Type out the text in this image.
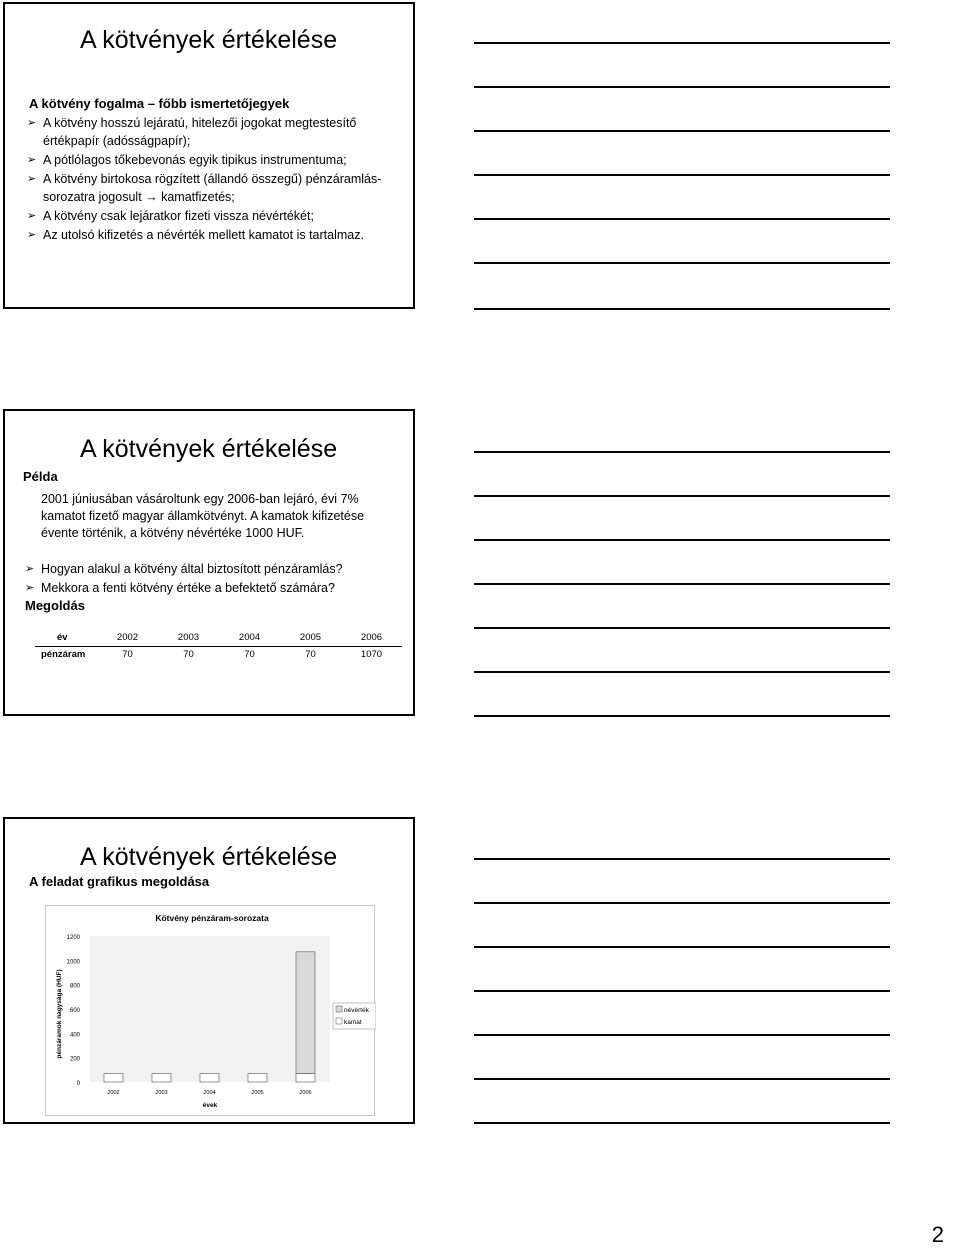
A kötvények értékelése
A kötvény fogalma – főbb ismertetőjegyek
➢ A kötvény hosszú lejáratú, hitelezői jogokat megtestesítő értékpapír (adósságpapír);
➢ A pótlólagos tőkebevonás egyik tipikus instrumentuma;
➢ A kötvény birtokosa rögzített (állandó összegű) pénzáramlás-sorozatra jogosult → kamatfizetés;
➢ A kötvény csak lejáratkor fizeti vissza névértékét;
➢ Az utolsó kifizetés a névérték mellett kamatot is tartalmaz.
A kötvények értékelése
Példa
2001 júniusában vásároltunk egy 2006-ban lejáró, évi 7% kamatot fizető magyar államkötvényt. A kamatok kifizetése évente történik, a kötvény névértéke 1000 HUF.
➢ Hogyan alakul a kötvény által biztosított pénzáramlás?
➢ Mekkora a fenti kötvény értéke a befektető számára?
Megoldás
év	2002	2003	2004	2005	2006
pénzáram	70	70	70	70	1070
A kötvények értékelése
A feladat grafikus megoldása
Kötvény pénzáram-sorozata
0
200
400
600
800
1000
1200
pénzáramok nagysága (HUF)
2002	2003	2004	2005	2006
évek
névérték
kamat
2
